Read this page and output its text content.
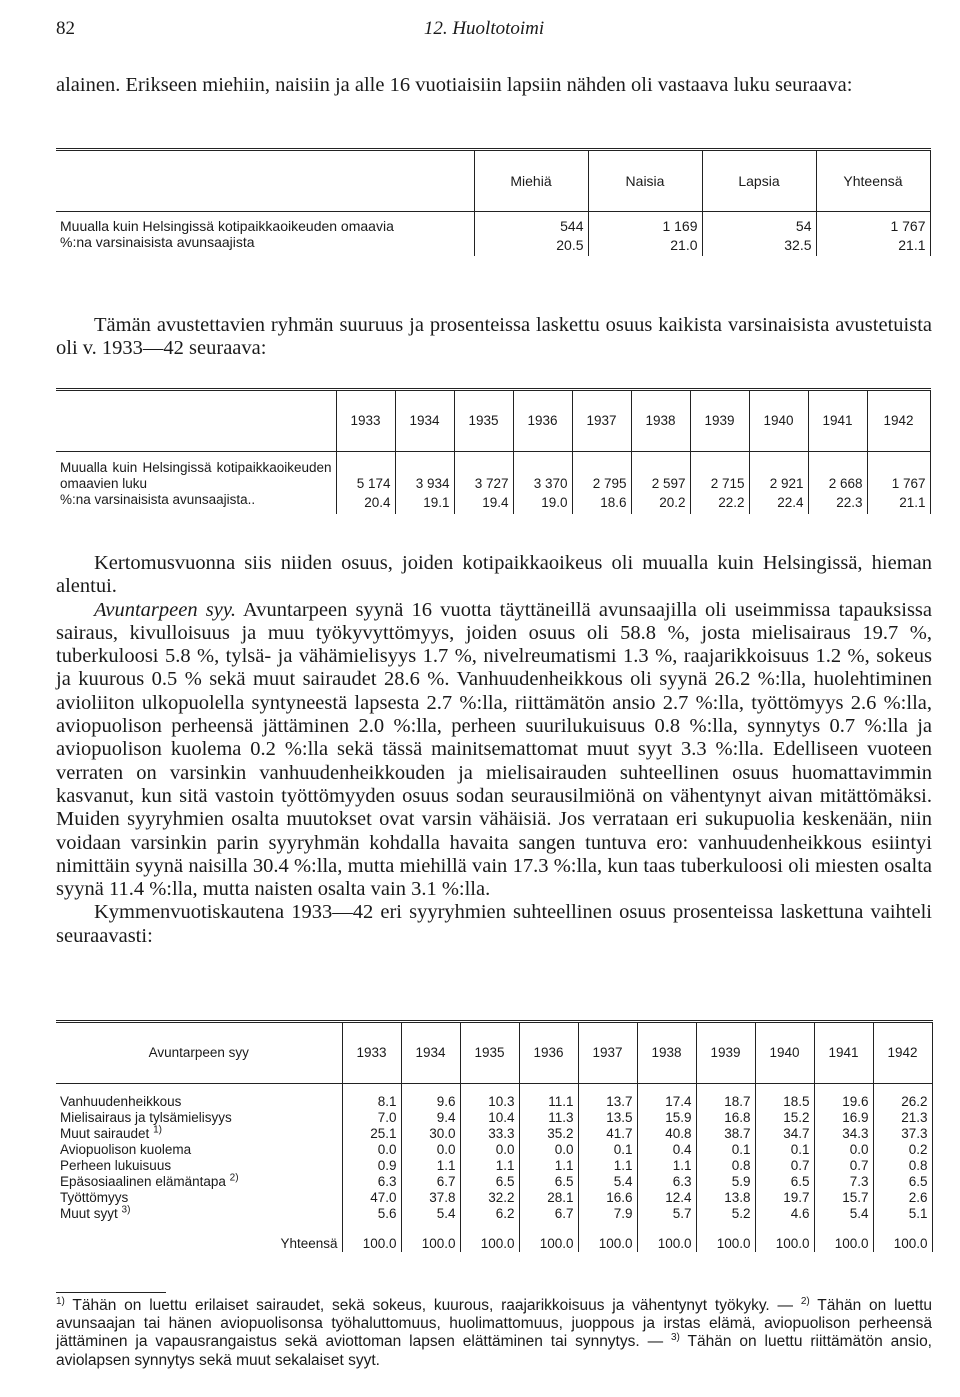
82	12. Huoltotoimi

alainen. Erikseen miehiin, naisiin ja alle 16 vuotiaisiin lapsiin nähden oli vastaava luku seuraava:

	Miehiä	Naisia	Lapsia	Yhteensä
Muualla kuin Helsingissä kotipaikkaoikeuden omaavia	544	1 169	54	1 767
%:na varsinaisista avunsaajista	20.5	21.0	32.5	21.1

Tämän avustettavien ryhmän suuruus ja prosenteissa laskettu osuus kaikista varsinaisista avustetuista oli v. 1933—42 seuraava:

	1933	1934	1935	1936	1937	1938	1939	1940	1941	1942
Muualla kuin Helsingissä kotipaikkaoikeuden omaavien luku	5 174	3 934	3 727	3 370	2 795	2 597	2 715	2 921	2 668	1 767
%:na varsinaisista avunsaajista..	20.4	19.1	19.4	19.0	18.6	20.2	22.2	22.4	22.3	21.1

Kertomusvuonna siis niiden osuus, joiden kotipaikkaoikeus oli muualla kuin Helsingissä, hieman alentui.

Avuntarpeen syy. Avuntarpeen syynä 16 vuotta täyttäneillä avunsaajilla oli useimmissa tapauksissa sairaus, kivulloisuus ja muu työkyvyttömyys, joiden osuus oli 58.8 %, josta mielisairaus 19.7 %, tuberkuloosi 5.8 %, tylsä- ja vähämielisyys 1.7 %, nivelreumatismi 1.3 %, raajarikkoisuus 1.2 %, sokeus ja kuurous 0.5 % sekä muut sairaudet 28.6 %. Vanhuudenheikkous oli syynä 26.2 %:lla, huolehtiminen avioliiton ulkopuolella syntyneestä lapsesta 2.7 %:lla, riittämätön ansio 2.7 %:lla, työttömyys 2.6 %:lla, aviopuolison perheensä jättäminen 2.0 %:lla, perheen suurilukuisuus 0.8 %:lla, synnytys 0.7 %:lla ja aviopuolison kuolema 0.2 %:lla sekä tässä mainitsemattomat muut syyt 3.3 %:lla. Edelliseen vuoteen verraten on varsinkin vanhuudenheikkouden ja mielisairauden suhteellinen osuus huomattavimmin kasvanut, kun sitä vastoin työttömyyden osuus sodan seurausilmiönä on vähentynyt aivan mitättömäksi. Muiden syyryhmien osalta muutokset ovat varsin vähäisiä. Jos verrataan eri sukupuolia keskenään, niin voidaan varsinkin parin syyryhmän kohdalla havaita sangen tuntuva ero: vanhuudenheikkous esiintyi nimittäin syynä naisilla 30.4 %:lla, mutta miehillä vain 17.3 %:lla, kun taas tuberkuloosi oli miesten osalta syynä 11.4 %:lla, mutta naisten osalta vain 3.1 %:lla.

Kymmenvuotiskautena 1933—42 eri syyryhmien suhteellinen osuus prosenteissa laskettuna vaihteli seuraavasti:

Avuntarpeen syy	1933	1934	1935	1936	1937	1938	1939	1940	1941	1942
Vanhuudenheikkous	8.1	9.6	10.3	11.1	13.7	17.4	18.7	18.5	19.6	26.2
Mielisairaus ja tylsämielisyys	7.0	9.4	10.4	11.3	13.5	15.9	16.8	15.2	16.9	21.3
Muut sairaudet $^{1)}$	25.1	30.0	33.3	35.2	41.7	40.8	38.7	34.7	34.3	37.3
Aviopuolison kuolema	0.0	0.0	0.0	0.0	0.1	0.4	0.1	0.1	0.0	0.2
Perheen lukuisuus	0.9	1.1	1.1	1.1	1.1	1.1	0.8	0.7	0.7	0.8
Epäsosiaalinen elämäntapa $^{2)}$	6.3	6.7	6.5	6.5	5.4	6.3	5.9	6.5	7.3	6.5
Työttömyys	47.0	37.8	32.2	28.1	16.6	12.4	13.8	19.7	15.7	2.6
Muut syyt $^{3)}$	5.6	5.4	6.2	6.7	7.9	5.7	5.2	4.6	5.4	5.1
Yhteensä	100.0	100.0	100.0	100.0	100.0	100.0	100.0	100.0	100.0	100.0

$^{1)}$ Tähän on luettu erilaiset sairaudet, sekä sokeus, kuurous, raajarikkoisuus ja vähentynyt työkyky. — $^{2)}$ Tähän on luettu avunsaajan tai hänen aviopuolisonsa työhaluttomuus, huolimattomuus, juoppous ja irstas elämä, aviopuolison perheensä jättäminen ja vapausrangaistus sekä aviottoman lapsen elättäminen tai synnytys. — $^{3)}$ Tähän on luettu riittämätön ansio, aviolapsen synnytys sekä muut sekalaiset syyt.
